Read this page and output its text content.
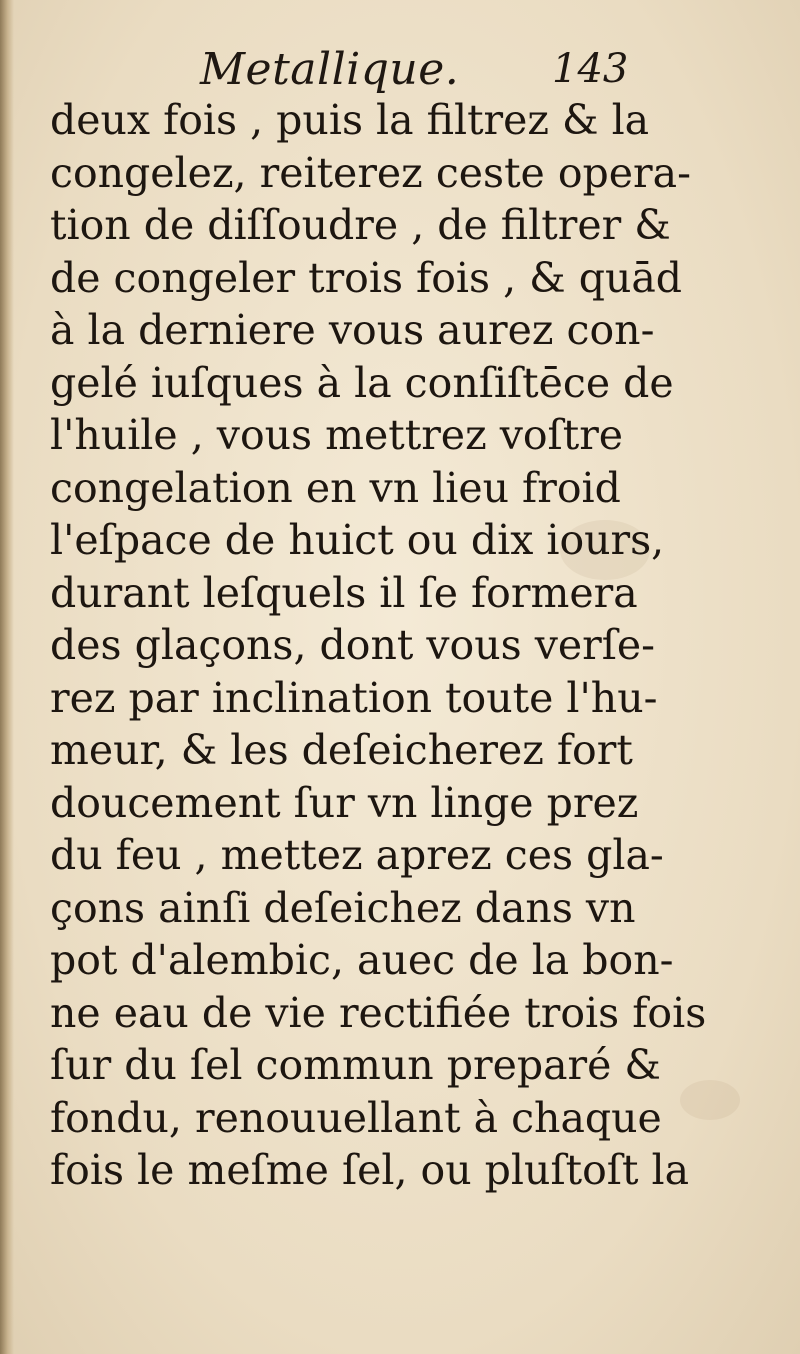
Metallique. 143
deux fois , puis la filtrez & la
congelez, reiterez ceste opera-
tion de diſſoudre , de filtrer &
de congeler trois fois , & quād
à la derniere vous aurez con-
gelé iuſques à la conſiſtēce de
l'huile , vous mettrez voſtre
congelation en vn lieu froid
l'eſpace de huict ou dix iours,
durant leſquels il ſe formera
des glaçons, dont vous verſe-
rez par inclination toute l'hu-
meur, & les deſeicherez fort
doucement ſur vn linge prez
du feu , mettez aprez ces gla-
çons ainſi deſeichez dans vn
pot d'alembic, auec de la bon-
ne eau de vie rectifiée trois fois
ſur du ſel commun preparé &
fondu, renouuellant à chaque
fois le meſme ſel, ou pluſtoſt la
